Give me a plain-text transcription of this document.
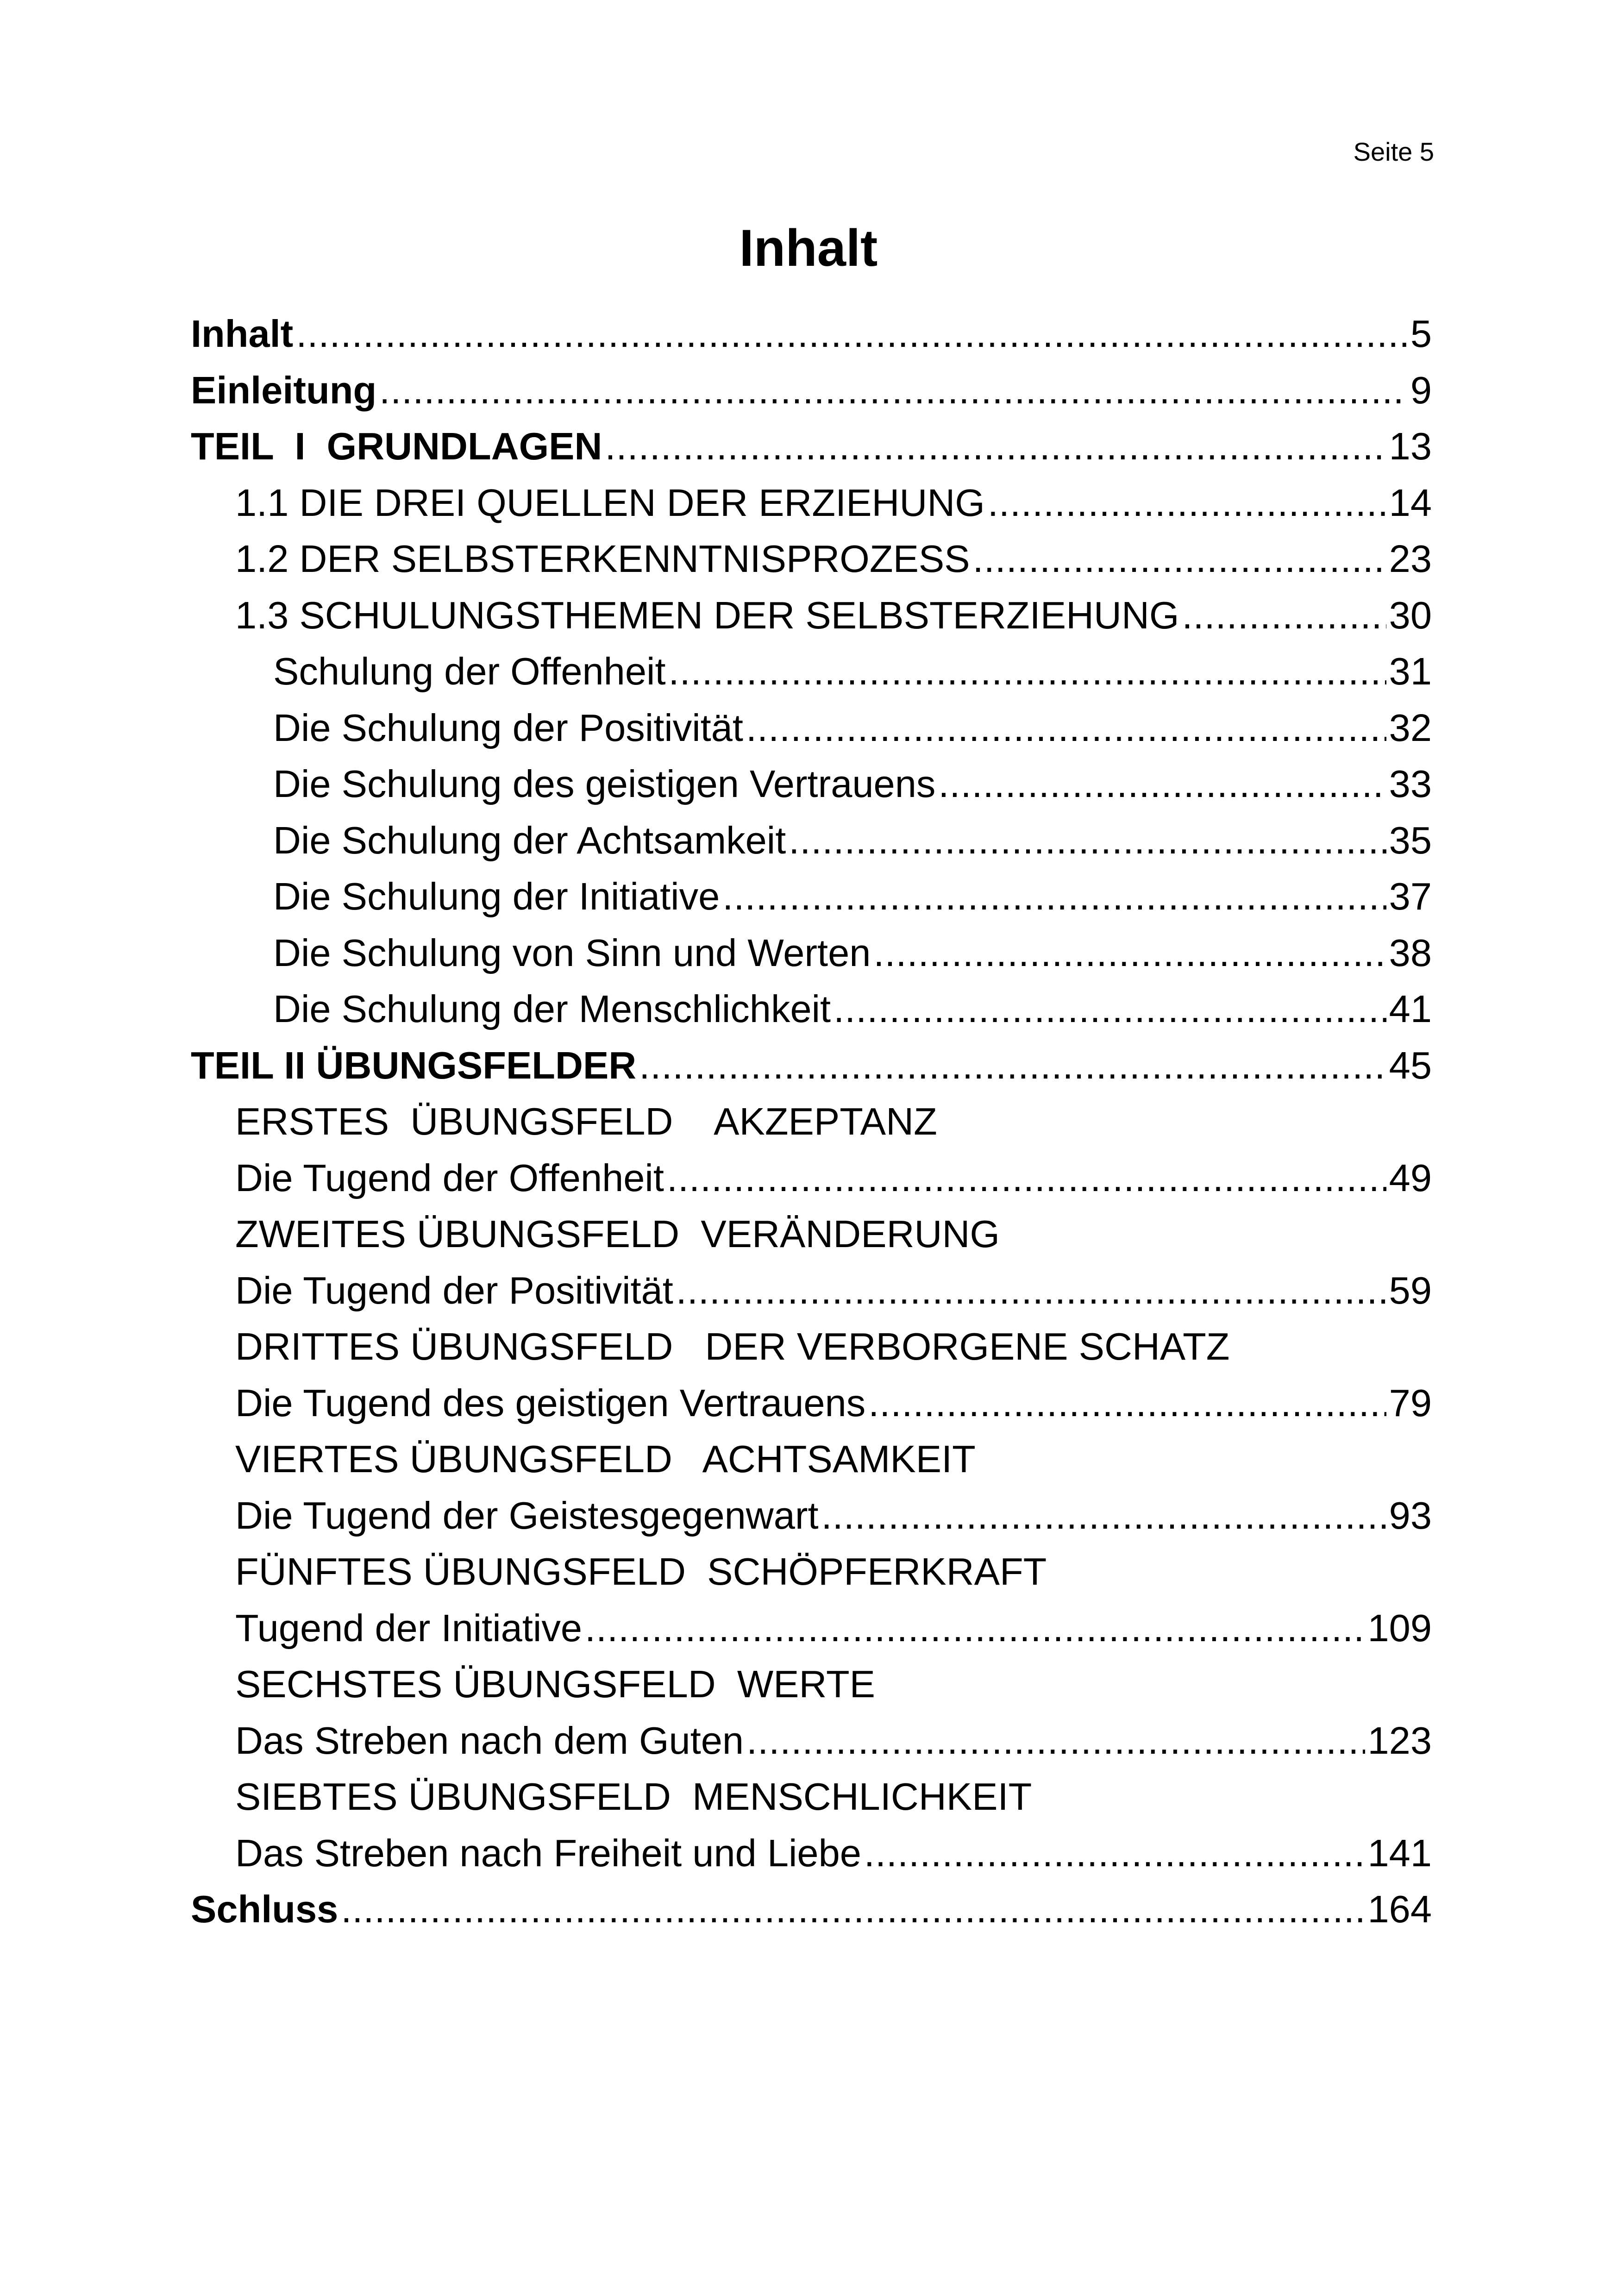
Seite 5
Inhalt
Inhalt .....	5
Einleitung .....	9
TEIL  I  GRUNDLAGEN .....	13
1.1 DIE DREI QUELLEN DER ERZIEHUNG .....	14
1.2 DER SELBSTERKENNTNISPROZESS .....	23
1.3 SCHULUNGSTHEMEN DER SELBSTERZIEHUNG .....	30
Schulung der Offenheit .....	31
Die Schulung der Positivität .....	32
Die Schulung des geistigen Vertrauens .....	33
Die Schulung der Achtsamkeit .....	35
Die Schulung der Initiative .....	37
Die Schulung von Sinn und Werten .....	38
Die Schulung der Menschlichkeit .....	41
TEIL II ÜBUNGSFELDER .....	45
ERSTES  ÜBUNGSFELD    AKZEPTANZ
Die Tugend der Offenheit .....	49
ZWEITES ÜBUNGSFELD  VERÄNDERUNG
Die Tugend der Positivität .....	59
DRITTES ÜBUNGSFELD   DER VERBORGENE SCHATZ
Die Tugend des geistigen Vertrauens .....	79
VIERTES ÜBUNGSFELD   ACHTSAMKEIT
Die Tugend der Geistesgegenwart .....	93
FÜNFTES ÜBUNGSFELD  SCHÖPFERKRAFT
Tugend der Initiative .....	109
SECHSTES ÜBUNGSFELD  WERTE
Das Streben nach dem Guten .....	123
SIEBTES ÜBUNGSFELD  MENSCHLICHKEIT
Das Streben nach Freiheit und Liebe .....	141
Schluss .....	164
